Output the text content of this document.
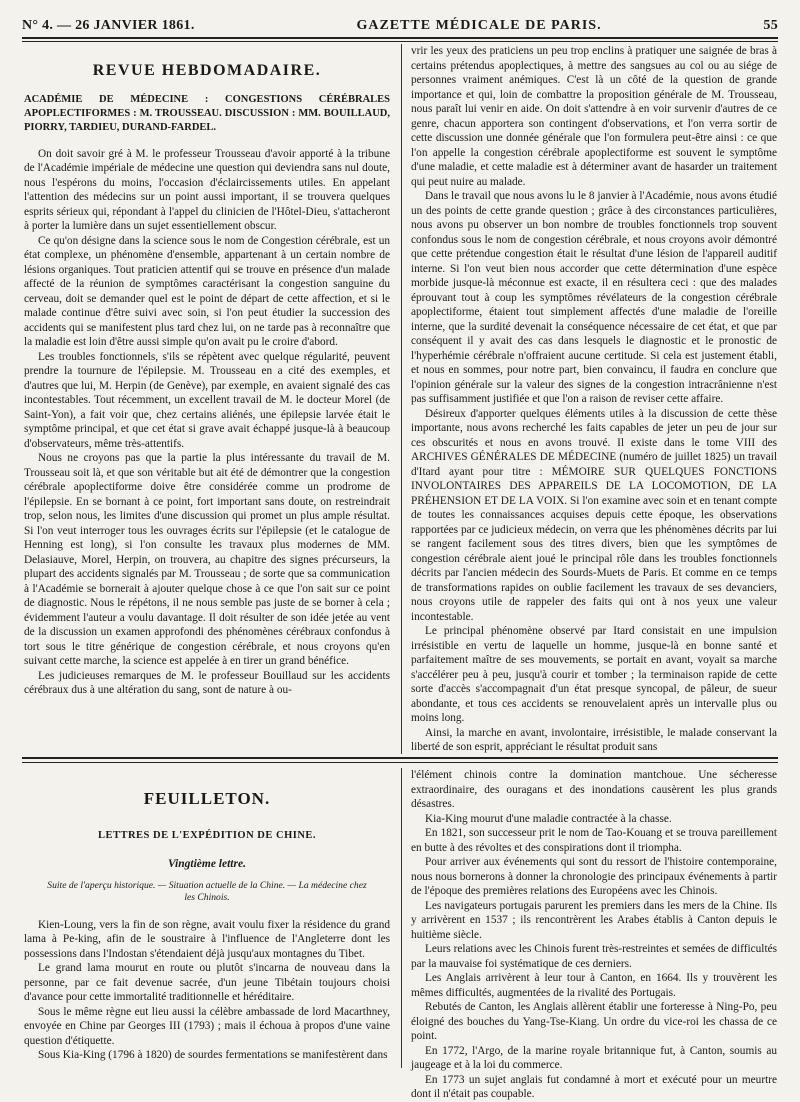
N° 4. — 26 JANVIER 1861.	GAZETTE MÉDICALE DE PARIS.	55
REVUE HEBDOMADAIRE.
ACADÉMIE DE MÉDECINE : CONGESTIONS CÉRÉBRALES APOPLECTIFORMES : M. TROUSSEAU. DISCUSSION : MM. BOUILLAUD, PIORRY, TARDIEU, DURAND-FARDEL.

On doit savoir gré à M. le professeur Trousseau d'avoir apporté à la tribune de l'Académie impériale de médecine une question qui deviendra sans nul doute, nous l'espérons du moins, l'occasion d'éclaircissements utiles. En appelant l'attention des médecins sur un point aussi important, il se trouvera quelques esprits sérieux qui, répondant à l'appel du clinicien de l'Hôtel-Dieu, s'attacheront à porter la lumière dans un sujet essentiellement obscur.

Ce qu'on désigne dans la science sous le nom de Congestion cérébrale, est un état complexe, un phénomène d'ensemble, appartenant à un certain nombre de lésions organiques. Tout praticien attentif qui se trouve en présence d'un malade affecté de la réunion de symptômes caractérisant la congestion sanguine du cerveau, doit se demander quel est le point de départ de cette affection, et si le malade continue d'être suivi avec soin, si l'on peut étudier la succession des accidents qui se manifestent plus tard chez lui, on ne tarde pas à reconnaître que la maladie est loin d'être aussi simple qu'on avait pu le croire d'abord.

Les troubles fonctionnels, s'ils se répètent avec quelque régularité, peuvent prendre la tournure de l'épilepsie. M. Trousseau en a cité des exemples, et d'autres que lui, M. Herpin (de Genève), par exemple, en avaient signalé des cas incontestables. Tout récemment, un excellent travail de M. le docteur Morel (de Saint-Yon), a fait voir que, chez certains aliénés, une épilepsie larvée était le symptôme principal, et que cet état si grave avait échappé jusque-là à beaucoup d'observateurs, même très-attentifs.

Nous ne croyons pas que la partie la plus intéressante du travail de M. Trousseau soit là, et que son véritable but ait été de démontrer que la congestion cérébrale apoplectiforme doive être considérée comme un prodrome de l'épilepsie. En se bornant à ce point, fort important sans doute, on restreindrait trop, selon nous, les limites d'une discussion qui promet un plus ample résultat. Si l'on veut interroger tous les ouvrages écrits sur l'épilepsie (et le catalogue de Henning est long), si l'on consulte les travaux plus modernes de MM. Delasiauve, Morel, Herpin, on trouvera, au chapitre des signes précurseurs, la plupart des accidents signalés par M. Trousseau ; de sorte que sa communication à l'Académie se bornerait à ajouter quelque chose à ce que l'on sait sur ce point de diagnostic. Nous le répétons, il ne nous semble pas juste de se borner à cela ; évidemment l'auteur a voulu davantage. Il doit résulter de son idée jetée au vent de la discussion un examen approfondi des phénomènes cérébraux confondus à tort sous le titre générique de congestion cérébrale, et nous croyons qu'en suivant cette marche, la science est appelée à en tirer un grand bénéfice.

Les judicieuses remarques de M. le professeur Bouillaud sur les accidents cérébraux dus à une altération du sang, sont de nature à ou-

vrir les yeux des praticiens un peu trop enclins à pratiquer une saignée de bras à certains prétendus apoplectiques, à mettre des sangsues au col ou au siége de personnes vraiment anémiques. C'est là un côté de la question de grande importance et qui, loin de combattre la proposition générale de M. Trousseau, nous paraît lui venir en aide. On doit s'attendre à en voir survenir d'autres de ce genre, chacun apportera son contingent d'observations, et l'on verra sortir de cette discussion une donnée générale que l'on formulera peut-être ainsi : ce que l'on appelle la congestion cérébrale apoplectiforme est souvent le symptôme d'une maladie, et cette maladie est à déterminer avant de hasarder un traitement qui peut nuire au malade.

Dans le travail que nous avons lu le 8 janvier à l'Académie, nous avons étudié un des points de cette grande question ; grâce à des circonstances particulières, nous avons pu observer un bon nombre de troubles fonctionnels trop souvent confondus sous le nom de congestion cérébrale, et nous croyons avoir démontré que cette prétendue congestion était le résultat d'une lésion de l'appareil auditif interne. Si l'on veut bien nous accorder que cette détermination d'une espèce morbide jusque-là méconnue est exacte, il en résultera ceci : que des malades éprouvant tout à coup les symptômes révélateurs de la congestion cérébrale apoplectiforme, étaient tout simplement affectés d'une maladie de l'oreille interne, que la surdité devenait la conséquence nécessaire de cet état, et que par conséquent il y avait des cas dans lesquels le diagnostic et le pronostic de l'hyperhémie cérébrale n'offraient aucune certitude. Si cela est justement établi, et nous en sommes, pour notre part, bien convaincu, il faudra en conclure que l'opinion générale sur la valeur des signes de la congestion intracrânienne n'est pas suffisamment justifiée et que l'on a raison de reviser cette affaire.

Désireux d'apporter quelques éléments utiles à la discussion de cette thèse importante, nous avons recherché les faits capables de jeter un peu de jour sur ces obscurités et nous en avons trouvé. Il existe dans le tome VIII des ARCHIVES GÉNÉRALES DE MÉDECINE (numéro de juillet 1825) un travail d'Itard ayant pour titre : MÉMOIRE SUR QUELQUES FONCTIONS INVOLONTAIRES DES APPAREILS DE LA LOCOMOTION, DE LA PRÉHENSION ET DE LA VOIX. Si l'on examine avec soin et en tenant compte de toutes les connaissances acquises depuis cette époque, les observations rapportées par ce judicieux médecin, on verra que les phénomènes décrits par lui se rangent facilement sous des titres divers, bien que les symptômes de congestion cérébrale aient joué le principal rôle dans les troubles fonctionnels décrits par l'ancien médecin des Sourds-Muets de Paris. Et comme en ce temps de transformations rapides on oublie facilement les travaux de ses devanciers, nous croyons utile de rappeler des faits qui ont à nos yeux une valeur incontestable.

Le principal phénomène observé par Itard consistait en une impulsion irrésistible en vertu de laquelle un homme, jusque-là en bonne santé et parfaitement maître de ses mouvements, se portait en avant, voyait sa marche s'accélérer peu à peu, jusqu'à courir et tomber ; la terminaison rapide de cette sorte d'accès s'accompagnait d'un état presque syncopal, de pâleur, de sueur abondante, et tous ces accidents se renouvelaient après un intervalle plus ou moins long.

Ainsi, la marche en avant, involontaire, irrésistible, le malade conservant la liberté de son esprit, appréciant le résultat produit sans

FEUILLETON.
LETTRES DE L'EXPÉDITION DE CHINE.
Vingtième lettre.
Suite de l'aperçu historique. — Situation actuelle de la Chine. — La médecine chez les Chinois.

Kien-Loung, vers la fin de son règne, avait voulu fixer la résidence du grand lama à Pe-king, afin de le soustraire à l'influence de l'Angleterre dont les possessions dans l'Indostan s'étendaient déjà jusqu'aux montagnes du Tibet.

Le grand lama mourut en route ou plutôt s'incarna de nouveau dans la personne, par ce fait devenue sacrée, d'un jeune Tibétain toujours choisi d'avance pour cette immortalité traditionnelle et héréditaire.

Sous le même règne eut lieu aussi la célèbre ambassade de lord Macarthney, envoyée en Chine par Georges III (1793) ; mais il échoua à propos d'une vaine question d'étiquette.

Sous Kia-King (1796 à 1820) de sourdes fermentations se manifestèrent dans

l'élément chinois contre la domination mantchoue. Une sécheresse extraordinaire, des ouragans et des inondations causèrent les plus grands désastres.

Kia-King mourut d'une maladie contractée à la chasse.

En 1821, son successeur prit le nom de Tao-Kouang et se trouva pareillement en butte à des révoltes et des conspirations dont il triompha.

Pour arriver aux événements qui sont du ressort de l'histoire contemporaine, nous nous bornerons à donner la chronologie des principaux événements à partir de l'époque des premières relations des Européens avec les Chinois.

Les navigateurs portugais parurent les premiers dans les mers de la Chine. Ils y arrivèrent en 1537 ; ils rencontrèrent les Arabes établis à Canton depuis le huitième siècle.

Leurs relations avec les Chinois furent très-restreintes et semées de difficultés par la mauvaise foi systématique de ces derniers.

Les Anglais arrivèrent à leur tour à Canton, en 1664. Ils y trouvèrent les mêmes difficultés, augmentées de la rivalité des Portugais.

Rebutés de Canton, les Anglais allèrent établir une forteresse à Ning-Po, peu éloigné des bouches du Yang-Tse-Kiang. Un ordre du vice-roi les chassa de ce point.

En 1772, l'Argo, de la marine royale britannique fut, à Canton, soumis au jaugeage et à la loi du commerce.

En 1773 un sujet anglais fut condamné à mort et exécuté pour un meurtre dont il n'était pas coupable.
